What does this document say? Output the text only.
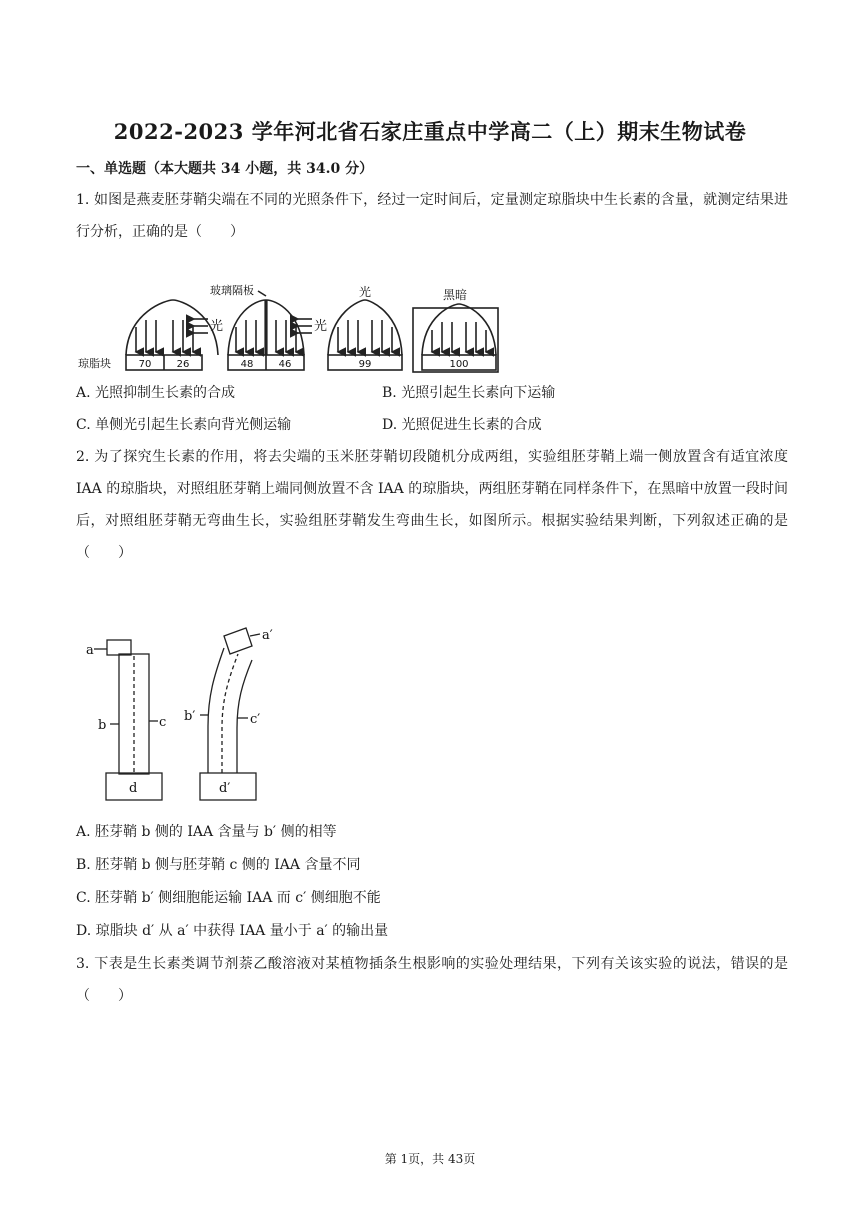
2022-2023 学年河北省石家庄重点中学高二（上）期末生物试卷
一、单选题（本大题共 34 小题，共 34.0 分）
1. 如图是燕麦胚芽鞘尖端在不同的光照条件下，经过一定时间后，定量测定琼脂块中生长素的含量，就测定结果进行分析，正确的是（　　）
琼脂块
玻璃隔板
光	光
光	黑暗
70	26	48	46	99	100
A. 光照抑制生长素的合成	B. 光照引起生长素向下运输
C. 单侧光引起生长素向背光侧运输	D. 光照促进生长素的合成
2. 为了探究生长素的作用，将去尖端的玉米胚芽鞘切段随机分成两组，实验组胚芽鞘上端一侧放置含有适宜浓度 IAA 的琼脂块，对照组胚芽鞘上端同侧放置不含 IAA 的琼脂块，两组胚芽鞘在同样条件下，在黑暗中放置一段时间后，对照组胚芽鞘无弯曲生长，实验组胚芽鞘发生弯曲生长，如图所示。根据实验结果判断，下列叙述正确的是（　　）
a
b	c
d
a′
b′	c′
d′
A. 胚芽鞘 b 侧的 IAA 含量与 b′ 侧的相等
B. 胚芽鞘 b 侧与胚芽鞘 c 侧的 IAA 含量不同
C. 胚芽鞘 b′ 侧细胞能运输 IAA 而 c′ 侧细胞不能
D. 琼脂块 d′ 从 a′ 中获得 IAA 量小于 a′ 的输出量
3. 下表是生长素类调节剂萘乙酸溶液对某植物插条生根影响的实验处理结果，下列有关该实验的说法，错误的是（　　）
第 1页，共 43页
